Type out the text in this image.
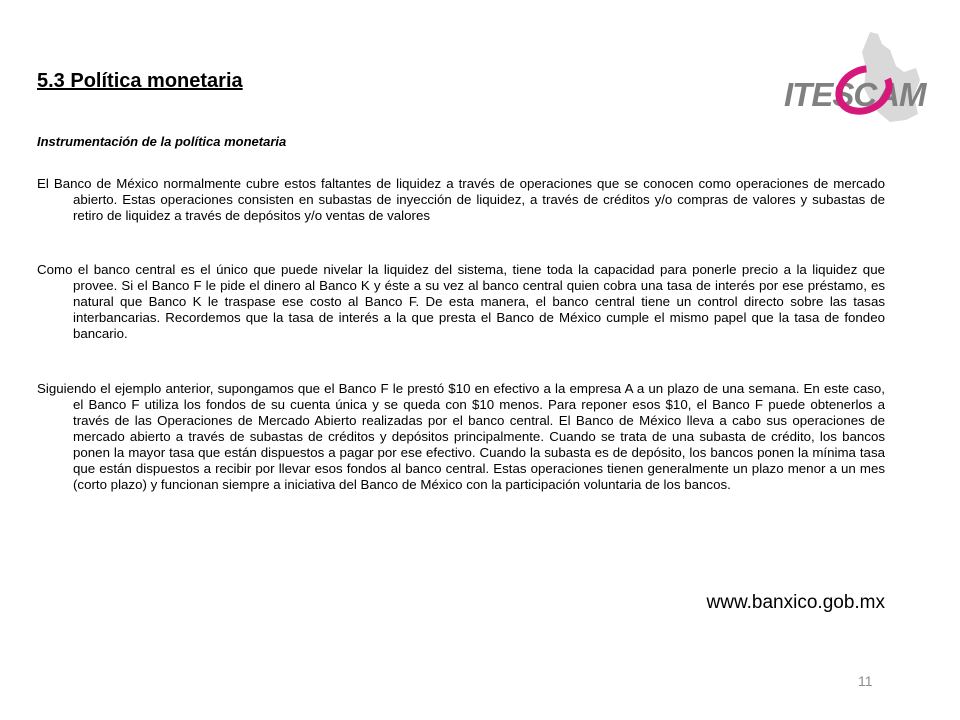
ITESCAM
5.3 Política monetaria

Instrumentación de la política monetaria

El Banco de México normalmente cubre estos faltantes de liquidez a través de operaciones que se conocen como operaciones de mercado abierto. Estas operaciones consisten en subastas de inyección de liquidez, a través de créditos y/o compras de valores y subastas de retiro de liquidez a través de depósitos y/o ventas de valores

Como el banco central es el único que puede nivelar la liquidez del sistema, tiene toda la capacidad para ponerle precio a la liquidez que provee. Si el Banco F le pide el dinero al Banco K y éste a su vez al banco central quien cobra una tasa de interés por ese préstamo, es natural que Banco K le traspase ese costo al Banco F. De esta manera, el banco central tiene un control directo sobre las tasas interbancarias. Recordemos que la tasa de interés a la que presta el Banco de México cumple el mismo papel que la tasa de fondeo bancario.

Siguiendo el ejemplo anterior, supongamos que el Banco F le prestó $10 en efectivo a la empresa A a un plazo de una semana. En este caso, el Banco F utiliza los fondos de su cuenta única y se queda con $10 menos. Para reponer esos $10, el Banco F puede obtenerlos a través de las Operaciones de Mercado Abierto realizadas por el banco central. El Banco de México lleva a cabo sus operaciones de mercado abierto a través de subastas de créditos y depósitos principalmente. Cuando se trata de una subasta de crédito, los bancos ponen la mayor tasa que están dispuestos a pagar por ese efectivo. Cuando la subasta es de depósito, los bancos ponen la mínima tasa que están dispuestos a recibir por llevar esos fondos al banco central. Estas operaciones tienen generalmente un plazo menor a un mes (corto plazo) y funcionan siempre a iniciativa del Banco de México con la participación voluntaria de los bancos.

www.banxico.gob.mx

11
